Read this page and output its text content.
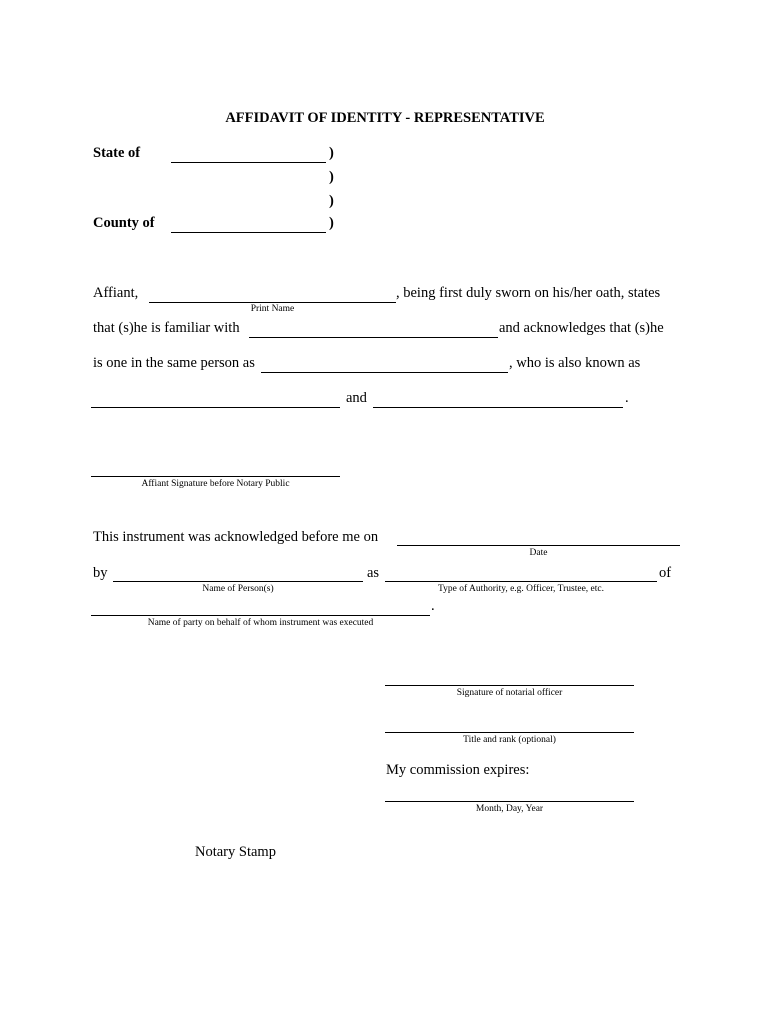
AFFIDAVIT OF IDENTITY - REPRESENTATIVE
State of	)
)
)
County of	)
Affiant,	, being first duly sworn on his/her oath, states
Print Name
that (s)he is familiar with	and acknowledges that (s)he
is one in the same person as	, who is also known as
and	.
Affiant Signature before Notary Public
This instrument was acknowledged before me on
Date
by	as	of
Name of Person(s)	Type of Authority, e.g. Officer, Trustee, etc.
.
Name of party on behalf of whom instrument was executed
Signature of notarial officer
Title and rank (optional)
My commission expires:
Month, Day, Year
Notary Stamp
